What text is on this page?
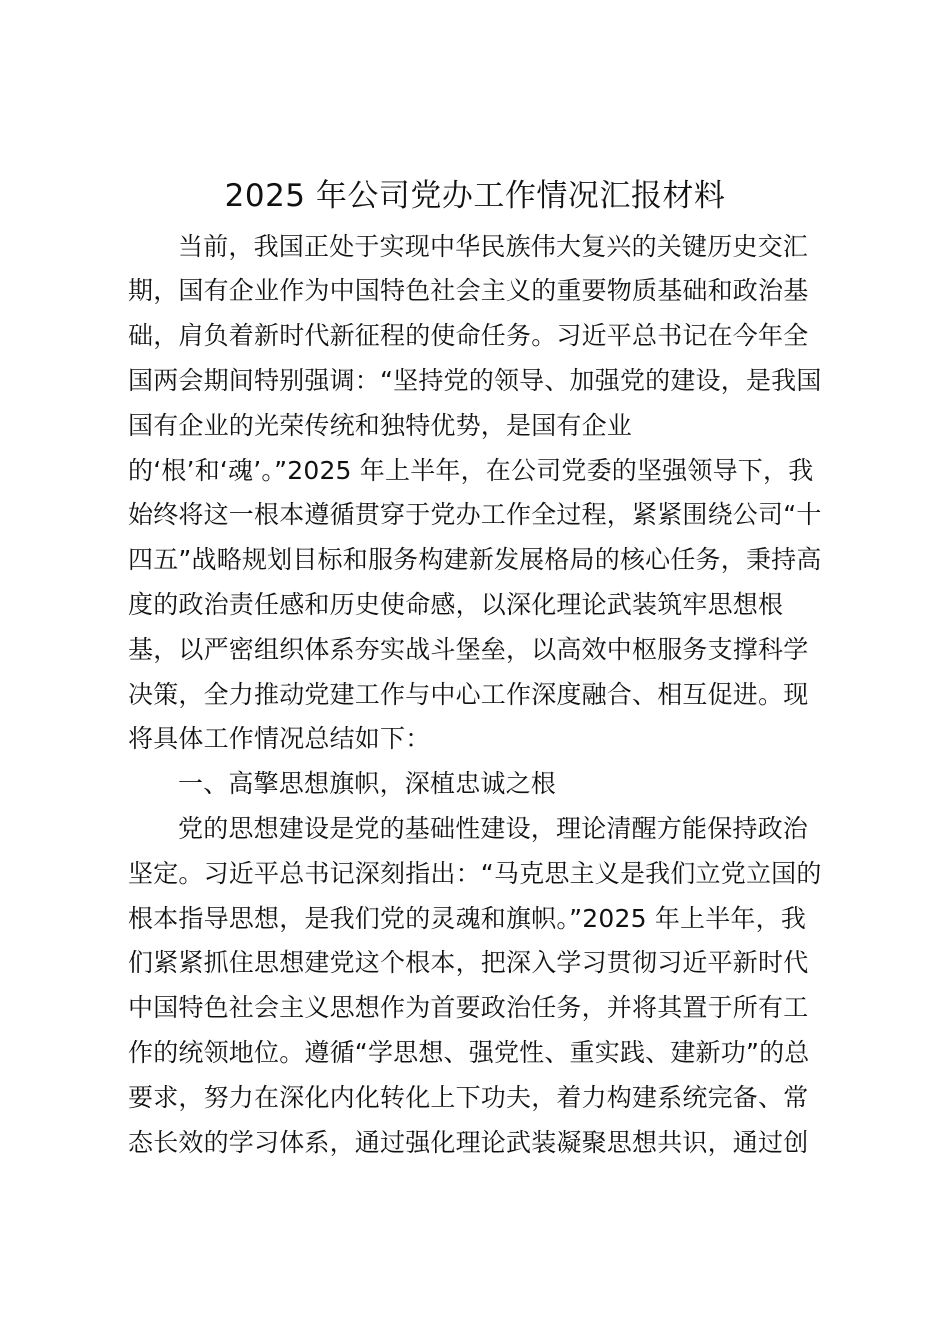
2025 年公司党办工作情况汇报材料
当前，我国正处于实现中华民族伟大复兴的关键历史交汇
期，国有企业作为中国特色社会主义的重要物质基础和政治基
础，肩负着新时代新征程的使命任务。习近平总书记在今年全
国两会期间特别强调：“坚持党的领导、加强党的建设，是我国
国有企业的光荣传统和独特优势，是国有企业
的‘根’和‘魂’。”2025 年上半年，在公司党委的坚强领导下，我
始终将这一根本遵循贯穿于党办工作全过程，紧紧围绕公司“十
四五”战略规划目标和服务构建新发展格局的核心任务，秉持高
度的政治责任感和历史使命感，以深化理论武装筑牢思想根
基，以严密组织体系夯实战斗堡垒，以高效中枢服务支撑科学
决策，全力推动党建工作与中心工作深度融合、相互促进。现
将具体工作情况总结如下：
一、高擎思想旗帜，深植忠诚之根
党的思想建设是党的基础性建设，理论清醒方能保持政治
坚定。习近平总书记深刻指出：“马克思主义是我们立党立国的
根本指导思想，是我们党的灵魂和旗帜。”2025 年上半年，我
们紧紧抓住思想建党这个根本，把深入学习贯彻习近平新时代
中国特色社会主义思想作为首要政治任务，并将其置于所有工
作的统领地位。遵循“学思想、强党性、重实践、建新功”的总
要求，努力在深化内化转化上下功夫，着力构建系统完备、常
态长效的学习体系，通过强化理论武装凝聚思想共识，通过创
